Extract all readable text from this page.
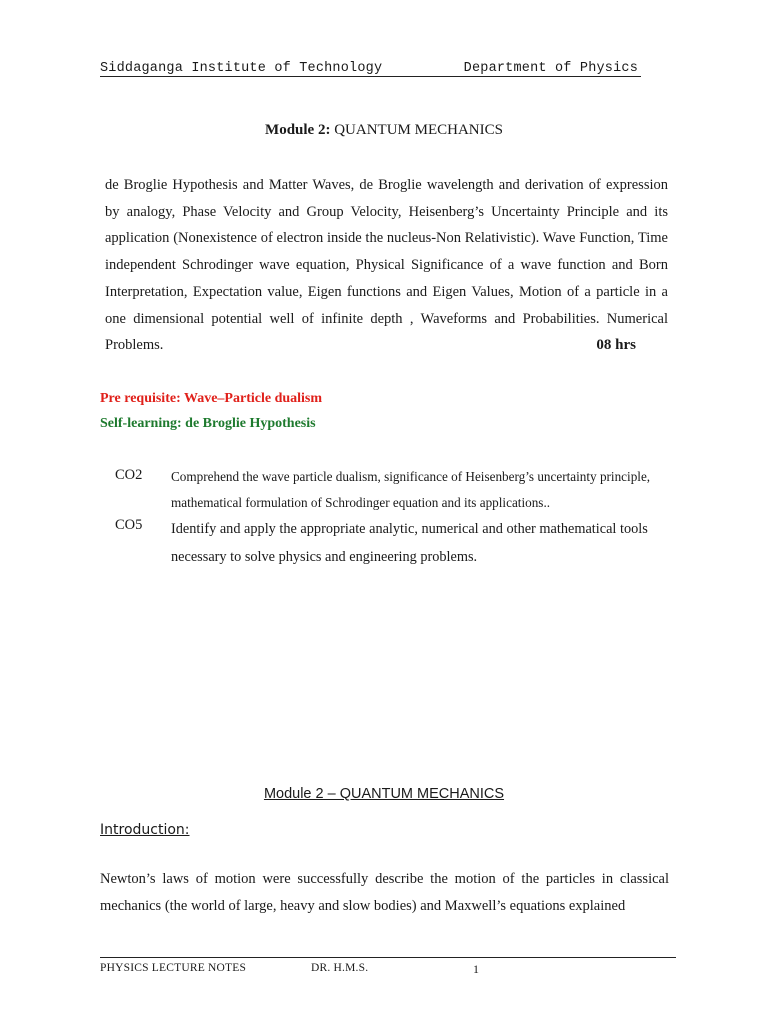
Siddaganga Institute of Technology	Department of Physics
Module 2: QUANTUM MECHANICS
de Broglie Hypothesis and Matter Waves, de Broglie wavelength and derivation of expression by analogy, Phase Velocity and Group Velocity, Heisenberg’s Uncertainty Principle and its application (Nonexistence of electron inside the nucleus-Non Relativistic). Wave Function, Time independent Schrodinger wave equation, Physical Significance of a wave function and Born Interpretation, Expectation value, Eigen functions and Eigen Values, Motion of a particle in a one dimensional potential well of infinite depth , Waveforms and Probabilities. Numerical Problems.	08 hrs
Pre requisite: Wave–Particle dualism
Self-learning: de Broglie Hypothesis
CO2 Comprehend the wave particle dualism, significance of Heisenberg’s uncertainty principle, mathematical formulation of Schrodinger equation and its applications..
CO5 Identify and apply the appropriate analytic, numerical and other mathematical tools necessary to solve physics and engineering problems.
Module 2 – QUANTUM MECHANICS
Introduction:
Newton’s laws of motion were successfully describe the motion of the particles in classical mechanics (the world of large, heavy and slow bodies) and Maxwell’s equations explained
PHYSICS LECTURE NOTES	DR. H.M.S.	1
